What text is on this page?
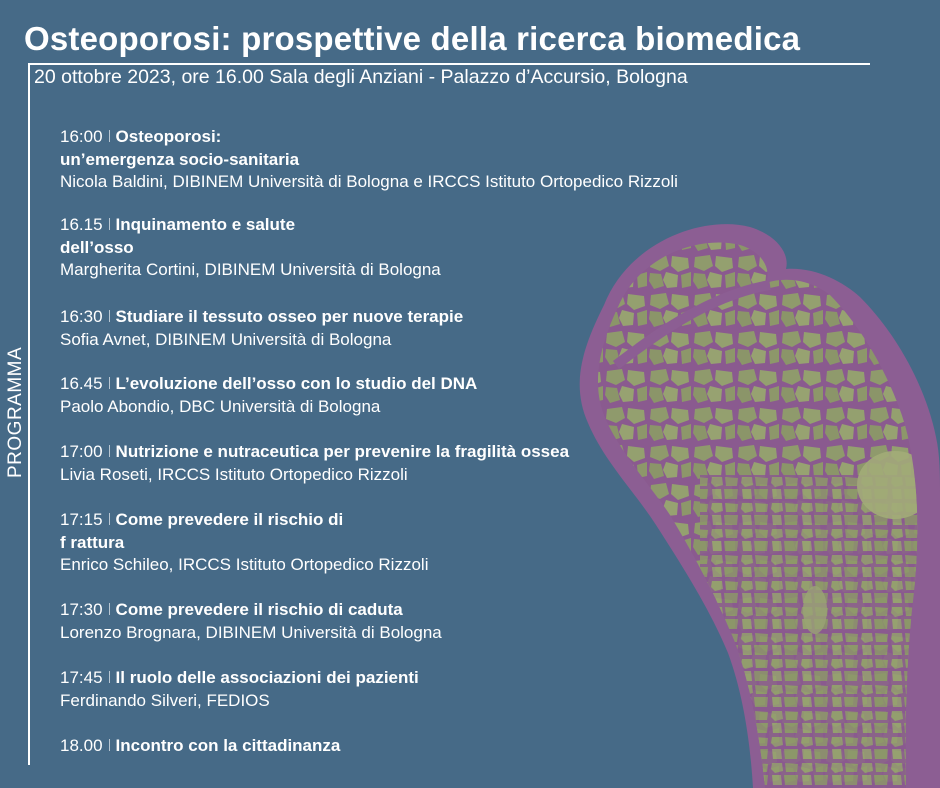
Osteoporosi: prospettive della ricerca biomedica
20 ottobre 2023, ore 16.00 Sala degli Anziani - Palazzo d’Accursio, Bologna
PROGRAMMA
16:00 Osteoporosi:
un’emergenza socio-sanitaria
Nicola Baldini, DIBINEM Università di Bologna e IRCCS Istituto Ortopedico Rizzoli
16.15 Inquinamento e salute
dell’osso
Margherita Cortini, DIBINEM Università di Bologna
16:30 Studiare il tessuto osseo per nuove terapie
Sofia Avnet, DIBINEM Università di Bologna
16.45 L’evoluzione dell’osso con lo studio del DNA
Paolo Abondio, DBC Università di Bologna
17:00 Nutrizione e nutraceutica per prevenire la fragilità ossea
Livia Roseti, IRCCS Istituto Ortopedico Rizzoli
17:15 Come prevedere il rischio di
f rattura
Enrico Schileo, IRCCS Istituto Ortopedico Rizzoli
17:30 Come prevedere il rischio di caduta
Lorenzo Brognara, DIBINEM Università di Bologna
17:45 Il ruolo delle associazioni dei pazienti
Ferdinando Silveri, FEDIOS
18.00 Incontro con la cittadinanza
